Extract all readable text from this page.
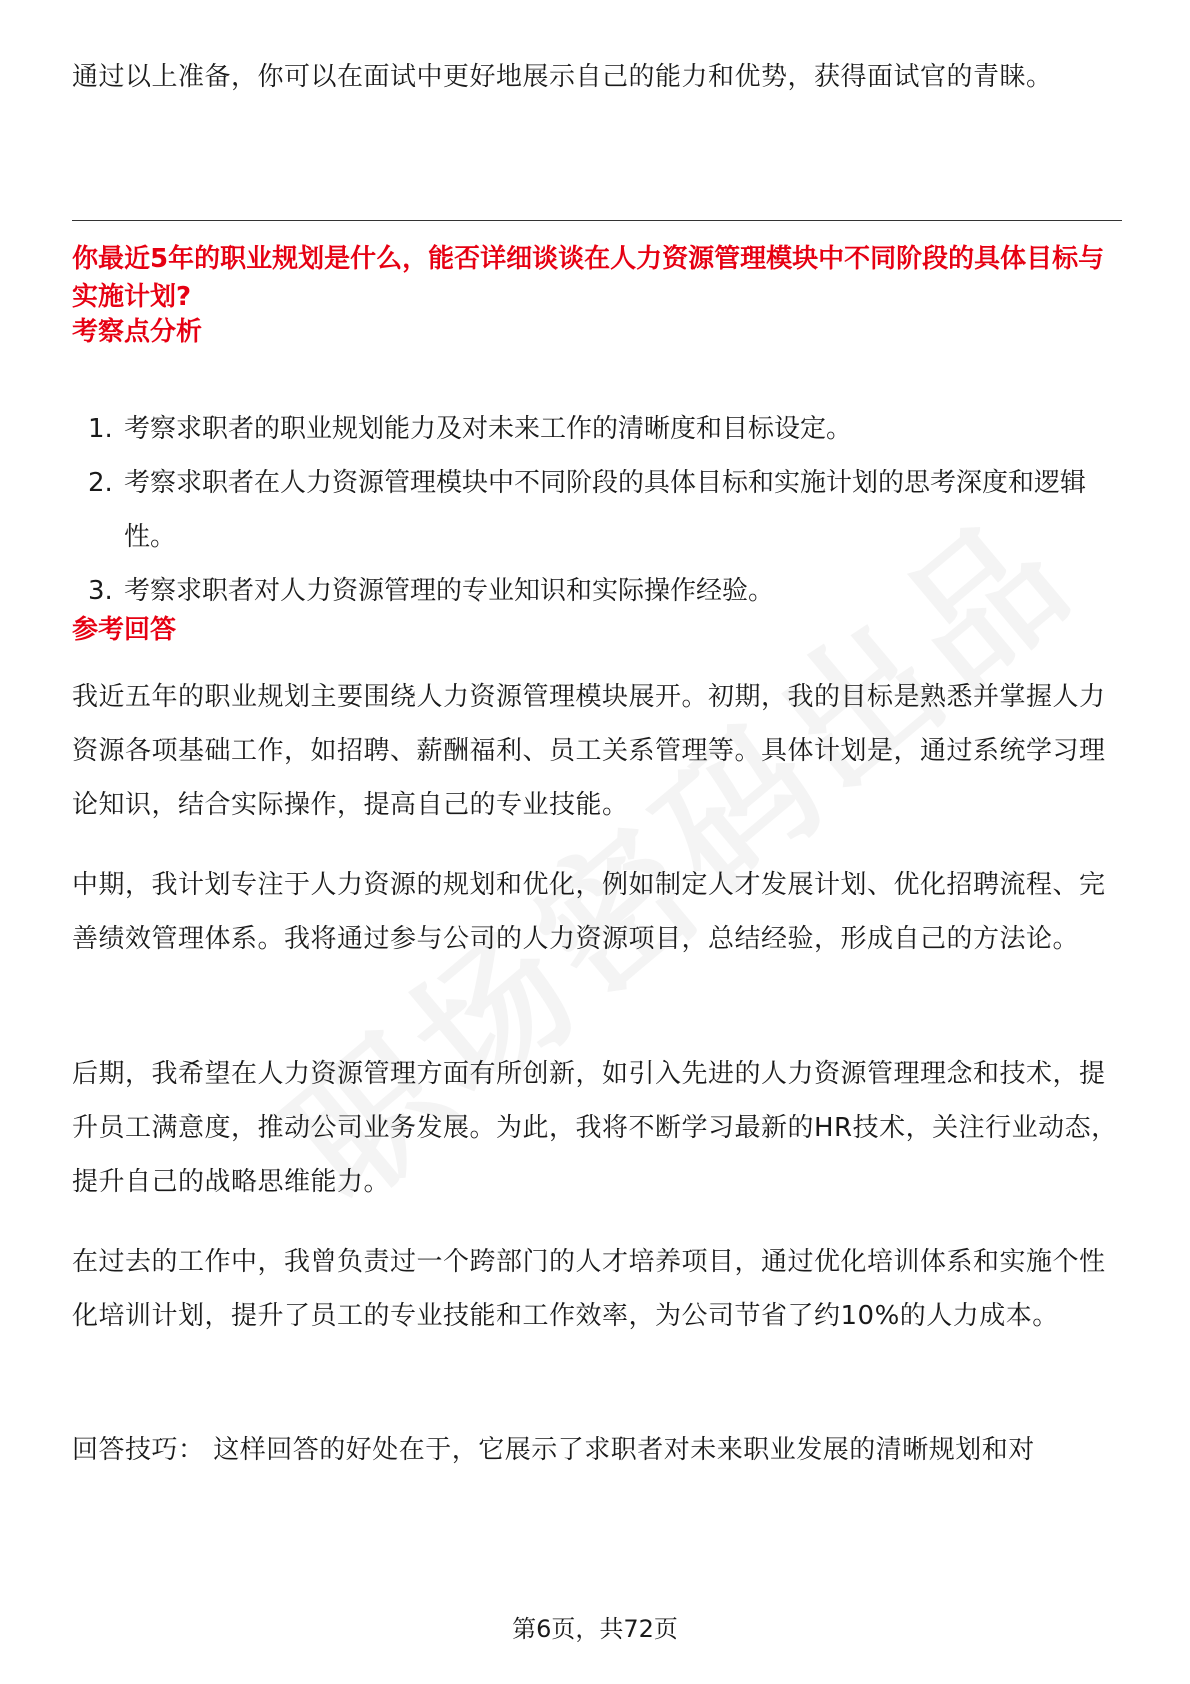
通过以上准备，你可以在面试中更好地展示自己的能力和优势，获得面试官的青睐。

你最近5年的职业规划是什么，能否详细谈谈在人力资源管理模块中不同阶段的具体目标与实施计划?

考察点分析
1. 考察求职者的职业规划能力及对未来工作的清晰度和目标设定。
2. 考察求职者在人力资源管理模块中不同阶段的具体目标和实施计划的思考深度和逻辑性。
3. 考察求职者对人力资源管理的专业知识和实际操作经验。
参考回答

我近五年的职业规划主要围绕人力资源管理模块展开。初期，我的目标是熟悉并掌握人力资源各项基础工作，如招聘、薪酬福利、员工关系管理等。具体计划是，通过系统学习理论知识，结合实际操作，提高自己的专业技能。

中期，我计划专注于人力资源的规划和优化，例如制定人才发展计划、优化招聘流程、完善绩效管理体系。我将通过参与公司的人力资源项目，总结经验，形成自己的方法论。

后期，我希望在人力资源管理方面有所创新，如引入先进的人力资源管理理念和技术，提升员工满意度，推动公司业务发展。为此，我将不断学习最新的HR技术，关注行业动态，提升自己的战略思维能力。

在过去的工作中，我曾负责过一个跨部门的人才培养项目，通过优化培训体系和实施个性化培训计划，提升了员工的专业技能和工作效率，为公司节省了约10%的人力成本。

回答技巧： 这样回答的好处在于，它展示了求职者对未来职业发展的清晰规划和对

第6页，共72页
